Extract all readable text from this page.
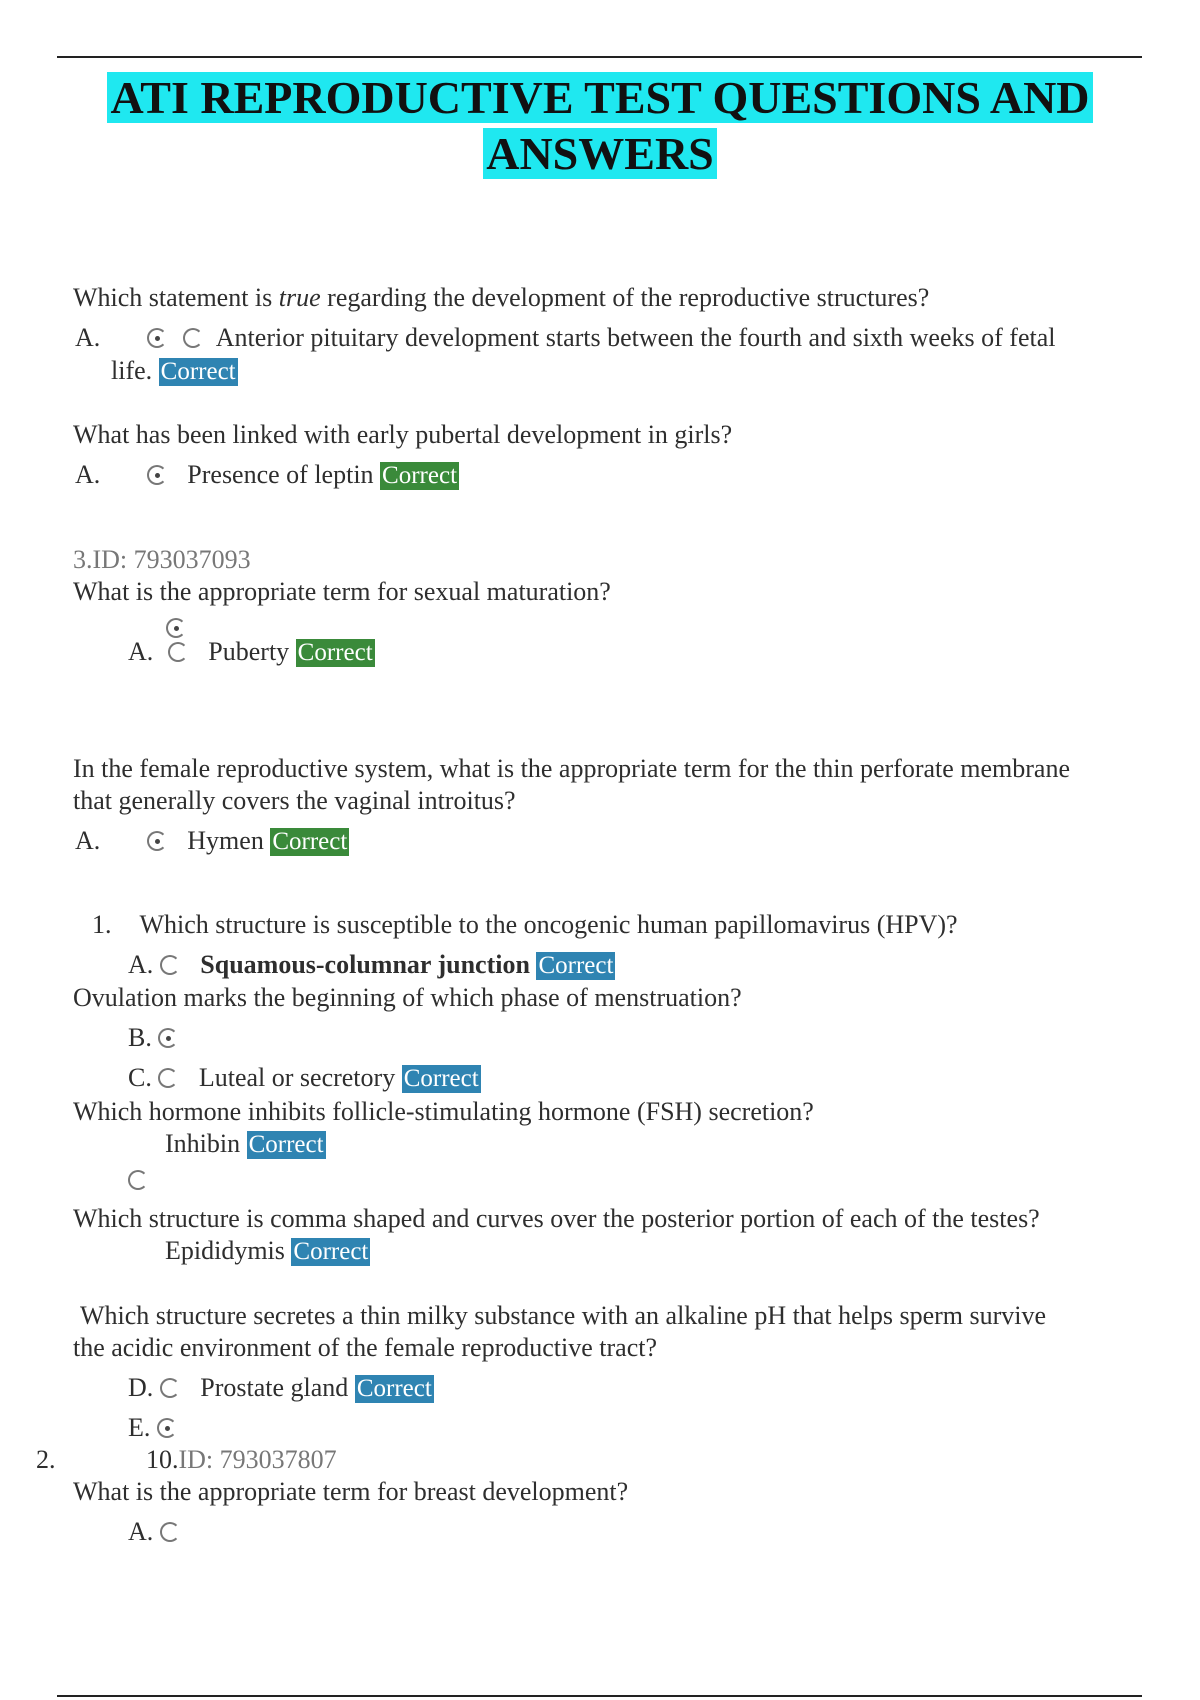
ATI REPRODUCTIVE TEST QUESTIONS AND
ANSWERS
Which statement is true regarding the development of the reproductive structures?
A.	Anterior pituitary development starts between the fourth and sixth weeks of fetal
life. Correct
What has been linked with early pubertal development in girls?
A.	Presence of leptin Correct
3.ID: 793037093
What is the appropriate term for sexual maturation?
A. Puberty Correct
In the female reproductive system, what is the appropriate term for the thin perforate membrane
that generally covers the vaginal introitus?
A.	Hymen Correct
1. Which structure is susceptible to the oncogenic human papillomavirus (HPV)?
A. Squamous-columnar junction Correct
Ovulation marks the beginning of which phase of menstruation?
B.
C. Luteal or secretory Correct
Which hormone inhibits follicle-stimulating hormone (FSH) secretion?
Inhibin Correct
Which structure is comma shaped and curves over the posterior portion of each of the testes?
Epididymis Correct
Which structure secretes a thin milky substance with an alkaline pH that helps sperm survive
the acidic environment of the female reproductive tract?
D. Prostate gland Correct
E.
2.	10.ID: 793037807
What is the appropriate term for breast development?
A.
